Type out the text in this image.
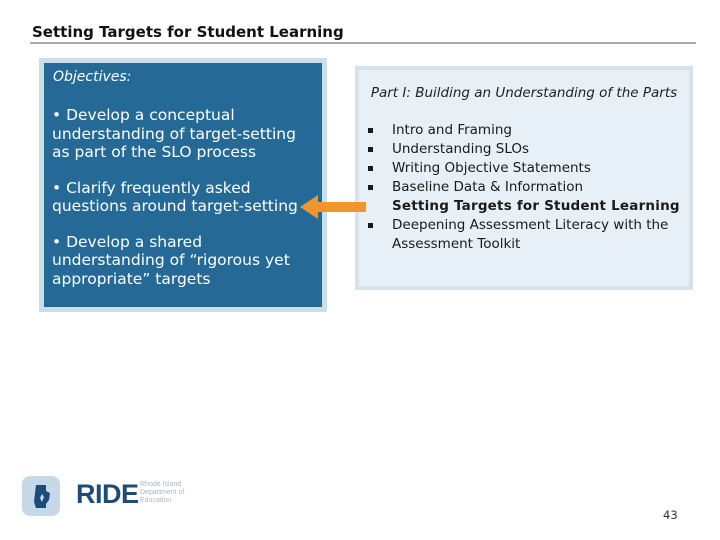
Setting Targets for Student Learning
Objectives:
• Develop a conceptual understanding of target-setting as part of the SLO process
• Clarify frequently asked questions around target-setting
• Develop a shared understanding of “rigorous yet appropriate” targets
Part I: Building an Understanding of the Parts
Intro and Framing
Understanding SLOs
Writing Objective Statements
Baseline Data & Information
Setting Targets for Student Learning
Deepening Assessment Literacy with the Assessment Toolkit
RIDE Rhode Island Department of Education
43
